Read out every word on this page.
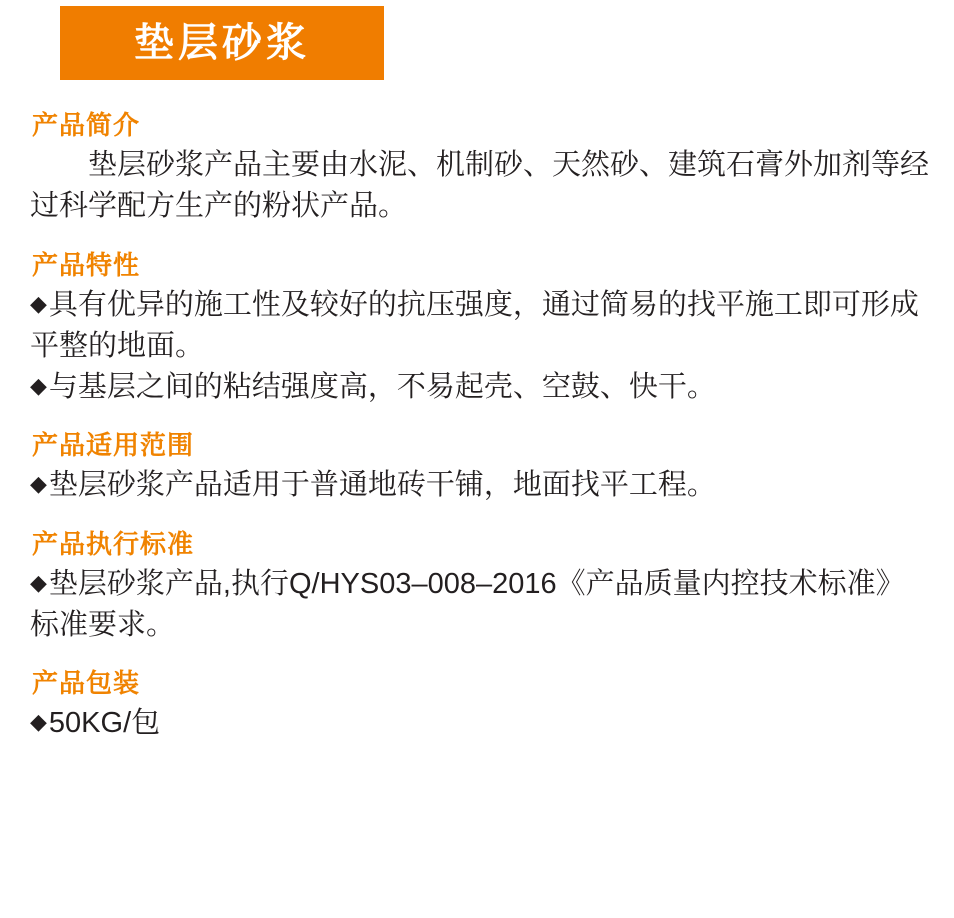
垫层砂浆
产品简介

垫层砂浆产品主要由水泥、机制砂、天然砂、建筑石膏外加剂等经过科学配方生产的粉状产品。

产品特性

◆具有优异的施工性及较好的抗压强度，通过简易的找平施工即可形成平整的地面。

◆与基层之间的粘结强度高，不易起壳、空鼓、快干。

产品适用范围

◆垫层砂浆产品适用于普通地砖干铺，地面找平工程。

产品执行标准

◆垫层砂浆产品,执行Q/HYS03–008–2016《产品质量内控技术标准》标准要求。

产品包装

◆50KG/包
